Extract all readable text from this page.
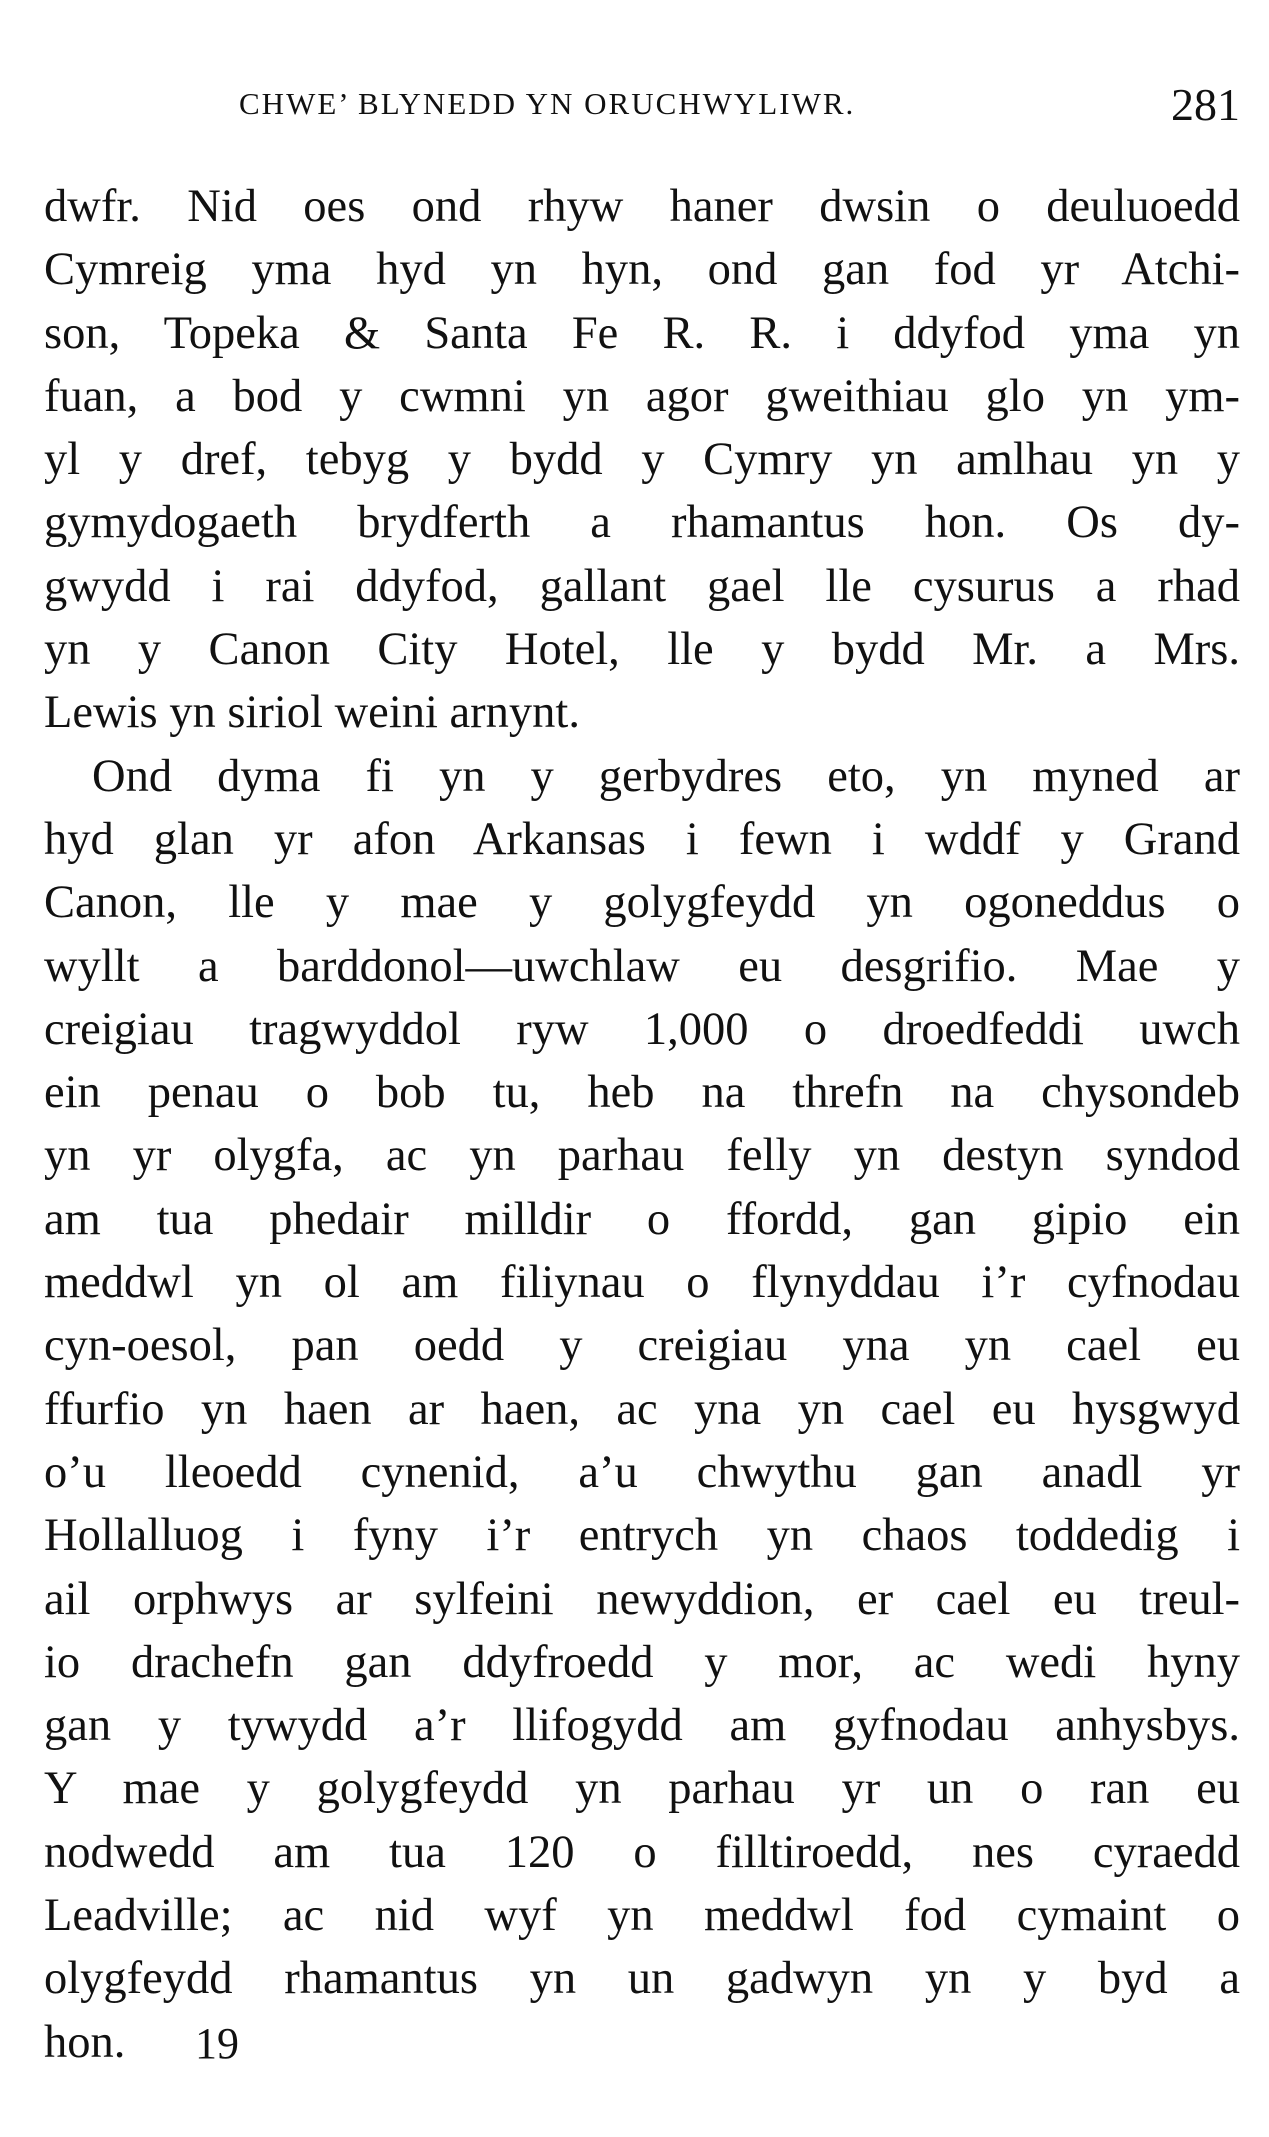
CHWE’ BLYNEDD YN ORUCHWYLIWR.	281
dwfr. Nid oes ond rhyw haner dwsin o deuluoedd
Cymreig yma hyd yn hyn, ond gan fod yr Atchi-
son, Topeka & Santa Fe R. R. i ddyfod yma yn
fuan, a bod y cwmni yn agor gweithiau glo yn ym-
yl y dref, tebyg y bydd y Cymry yn amlhau yn y
gymydogaeth brydferth a rhamantus hon. Os dy-
gwydd i rai ddyfod, gallant gael lle cysurus a rhad
yn y Canon City Hotel, lle y bydd Mr. a Mrs.
Lewis yn siriol weini arnynt.
Ond dyma fi yn y gerbydres eto, yn myned ar
hyd glan yr afon Arkansas i fewn i wddf y Grand
Canon, lle y mae y golygfeydd yn ogoneddus o
wyllt a barddonol—uwchlaw eu desgrifio. Mae y
creigiau tragwyddol ryw 1,000 o droedfeddi uwch
ein penau o bob tu, heb na threfn na chysondeb
yn yr olygfa, ac yn parhau felly yn destyn syndod
am tua phedair milldir o ffordd, gan gipio ein
meddwl yn ol am filiynau o flynyddau i’r cyfnodau
cyn-oesol, pan oedd y creigiau yna yn cael eu
ffurfio yn haen ar haen, ac yna yn cael eu hysgwyd
o’u lleoedd cynenid, a’u chwythu gan anadl yr
Hollalluog i fyny i’r entrych yn chaos toddedig i
ail orphwys ar sylfeini newyddion, er cael eu treul-
io drachefn gan ddyfroedd y mor, ac wedi hyny
gan y tywydd a’r llifogydd am gyfnodau anhysbys.
Y mae y golygfeydd yn parhau yr un o ran eu
nodwedd am tua 120 o filltiroedd, nes cyraedd
Leadville; ac nid wyf yn meddwl fod cymaint o
olygfeydd rhamantus yn un gadwyn yn y byd a
hon.	19
